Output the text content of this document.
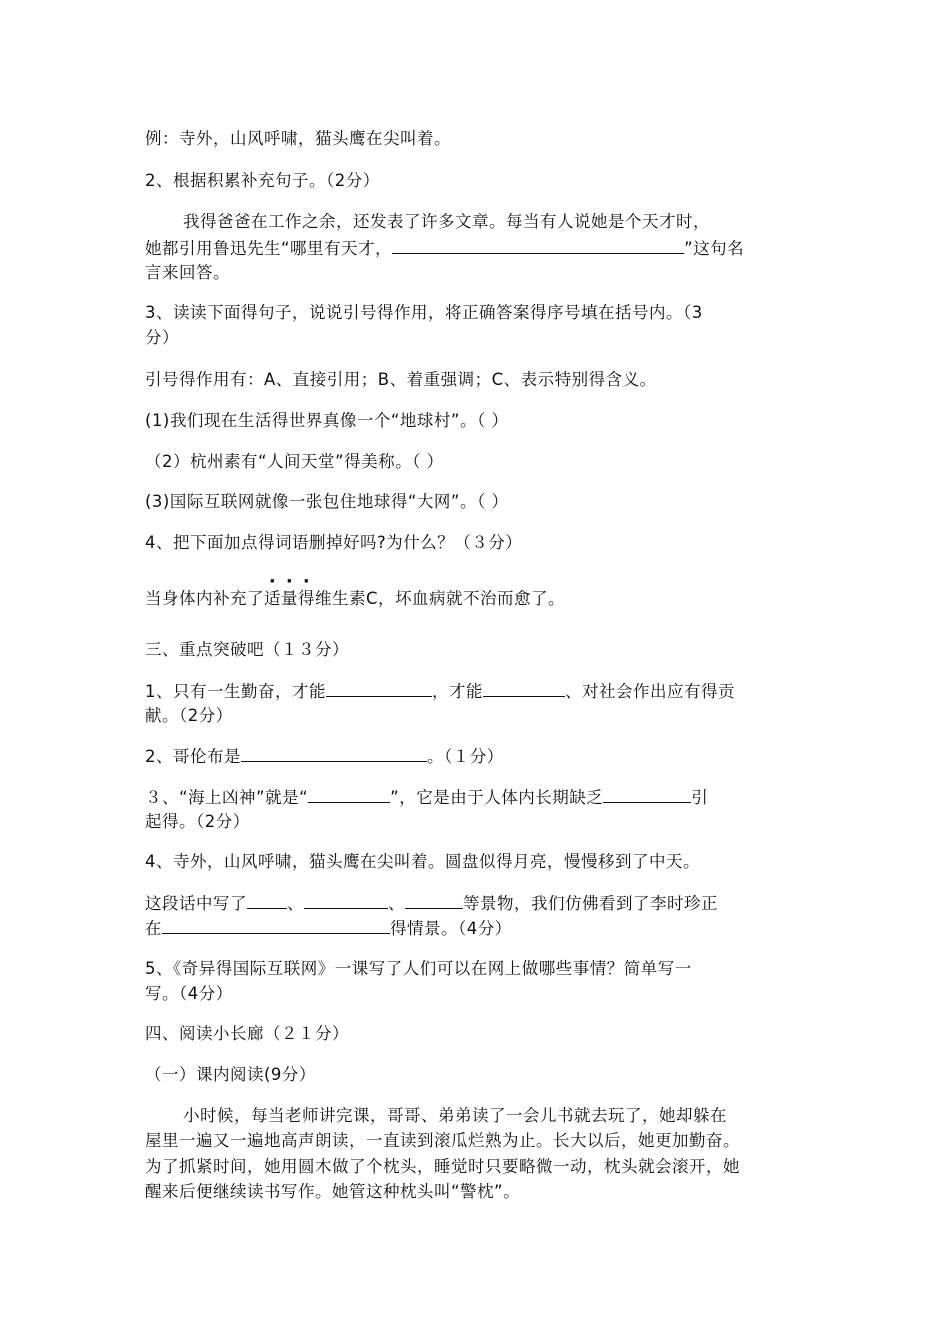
例：寺外，山风呼啸，猫头鹰在尖叫着。
2、根据积累补充句子。（2分）
我得爸爸在工作之余，还发表了许多文章。每当有人说她是个天才时，
她都引用鲁迅先生“哪里有天才，	”这句名
言来回答。
3、读读下面得句子，说说引号得作用，将正确答案得序号填在括号内。（3
分）
引号得作用有：A、直接引用；B、着重强调；C、表示特别得含义。
(1)我们现在生活得世界真像一个“地球村”。（ ）
（2）杭州素有“人间天堂”得美称。（ ）
(3)国际互联网就像一张包住地球得“大网”。（ ）
4、把下面加点得词语删掉好吗?为什么？（３分）
当身体内补充了适量得维生素C，坏血病就不治而愈了。
三、重点突破吧（１３分）
1、只有一生勤奋，才能	，才能	、对社会作出应有得贡
献。（2分）
2、哥伦布是	。（１分）
３、“海上凶神”就是“	”，它是由于人体内长期缺乏	引
起得。（2分）
4、寺外，山风呼啸，猫头鹰在尖叫着。圆盘似得月亮，慢慢移到了中天。
这段话中写了 、	、	等景物，我们仿佛看到了李时珍正
在	得情景。（4分）
5、《奇异得国际互联网》一课写了人们可以在网上做哪些事情？简单写一
写。（4分）
四、阅读小长廊（２１分）
（一）课内阅读(9分）
小时候，每当老师讲完课，哥哥、弟弟读了一会儿书就去玩了，她却躲在
屋里一遍又一遍地高声朗读，一直读到滚瓜烂熟为止。长大以后，她更加勤奋。
为了抓紧时间，她用圆木做了个枕头，睡觉时只要略微一动，枕头就会滚开，她
醒来后便继续读书写作。她管这种枕头叫“警枕”。
